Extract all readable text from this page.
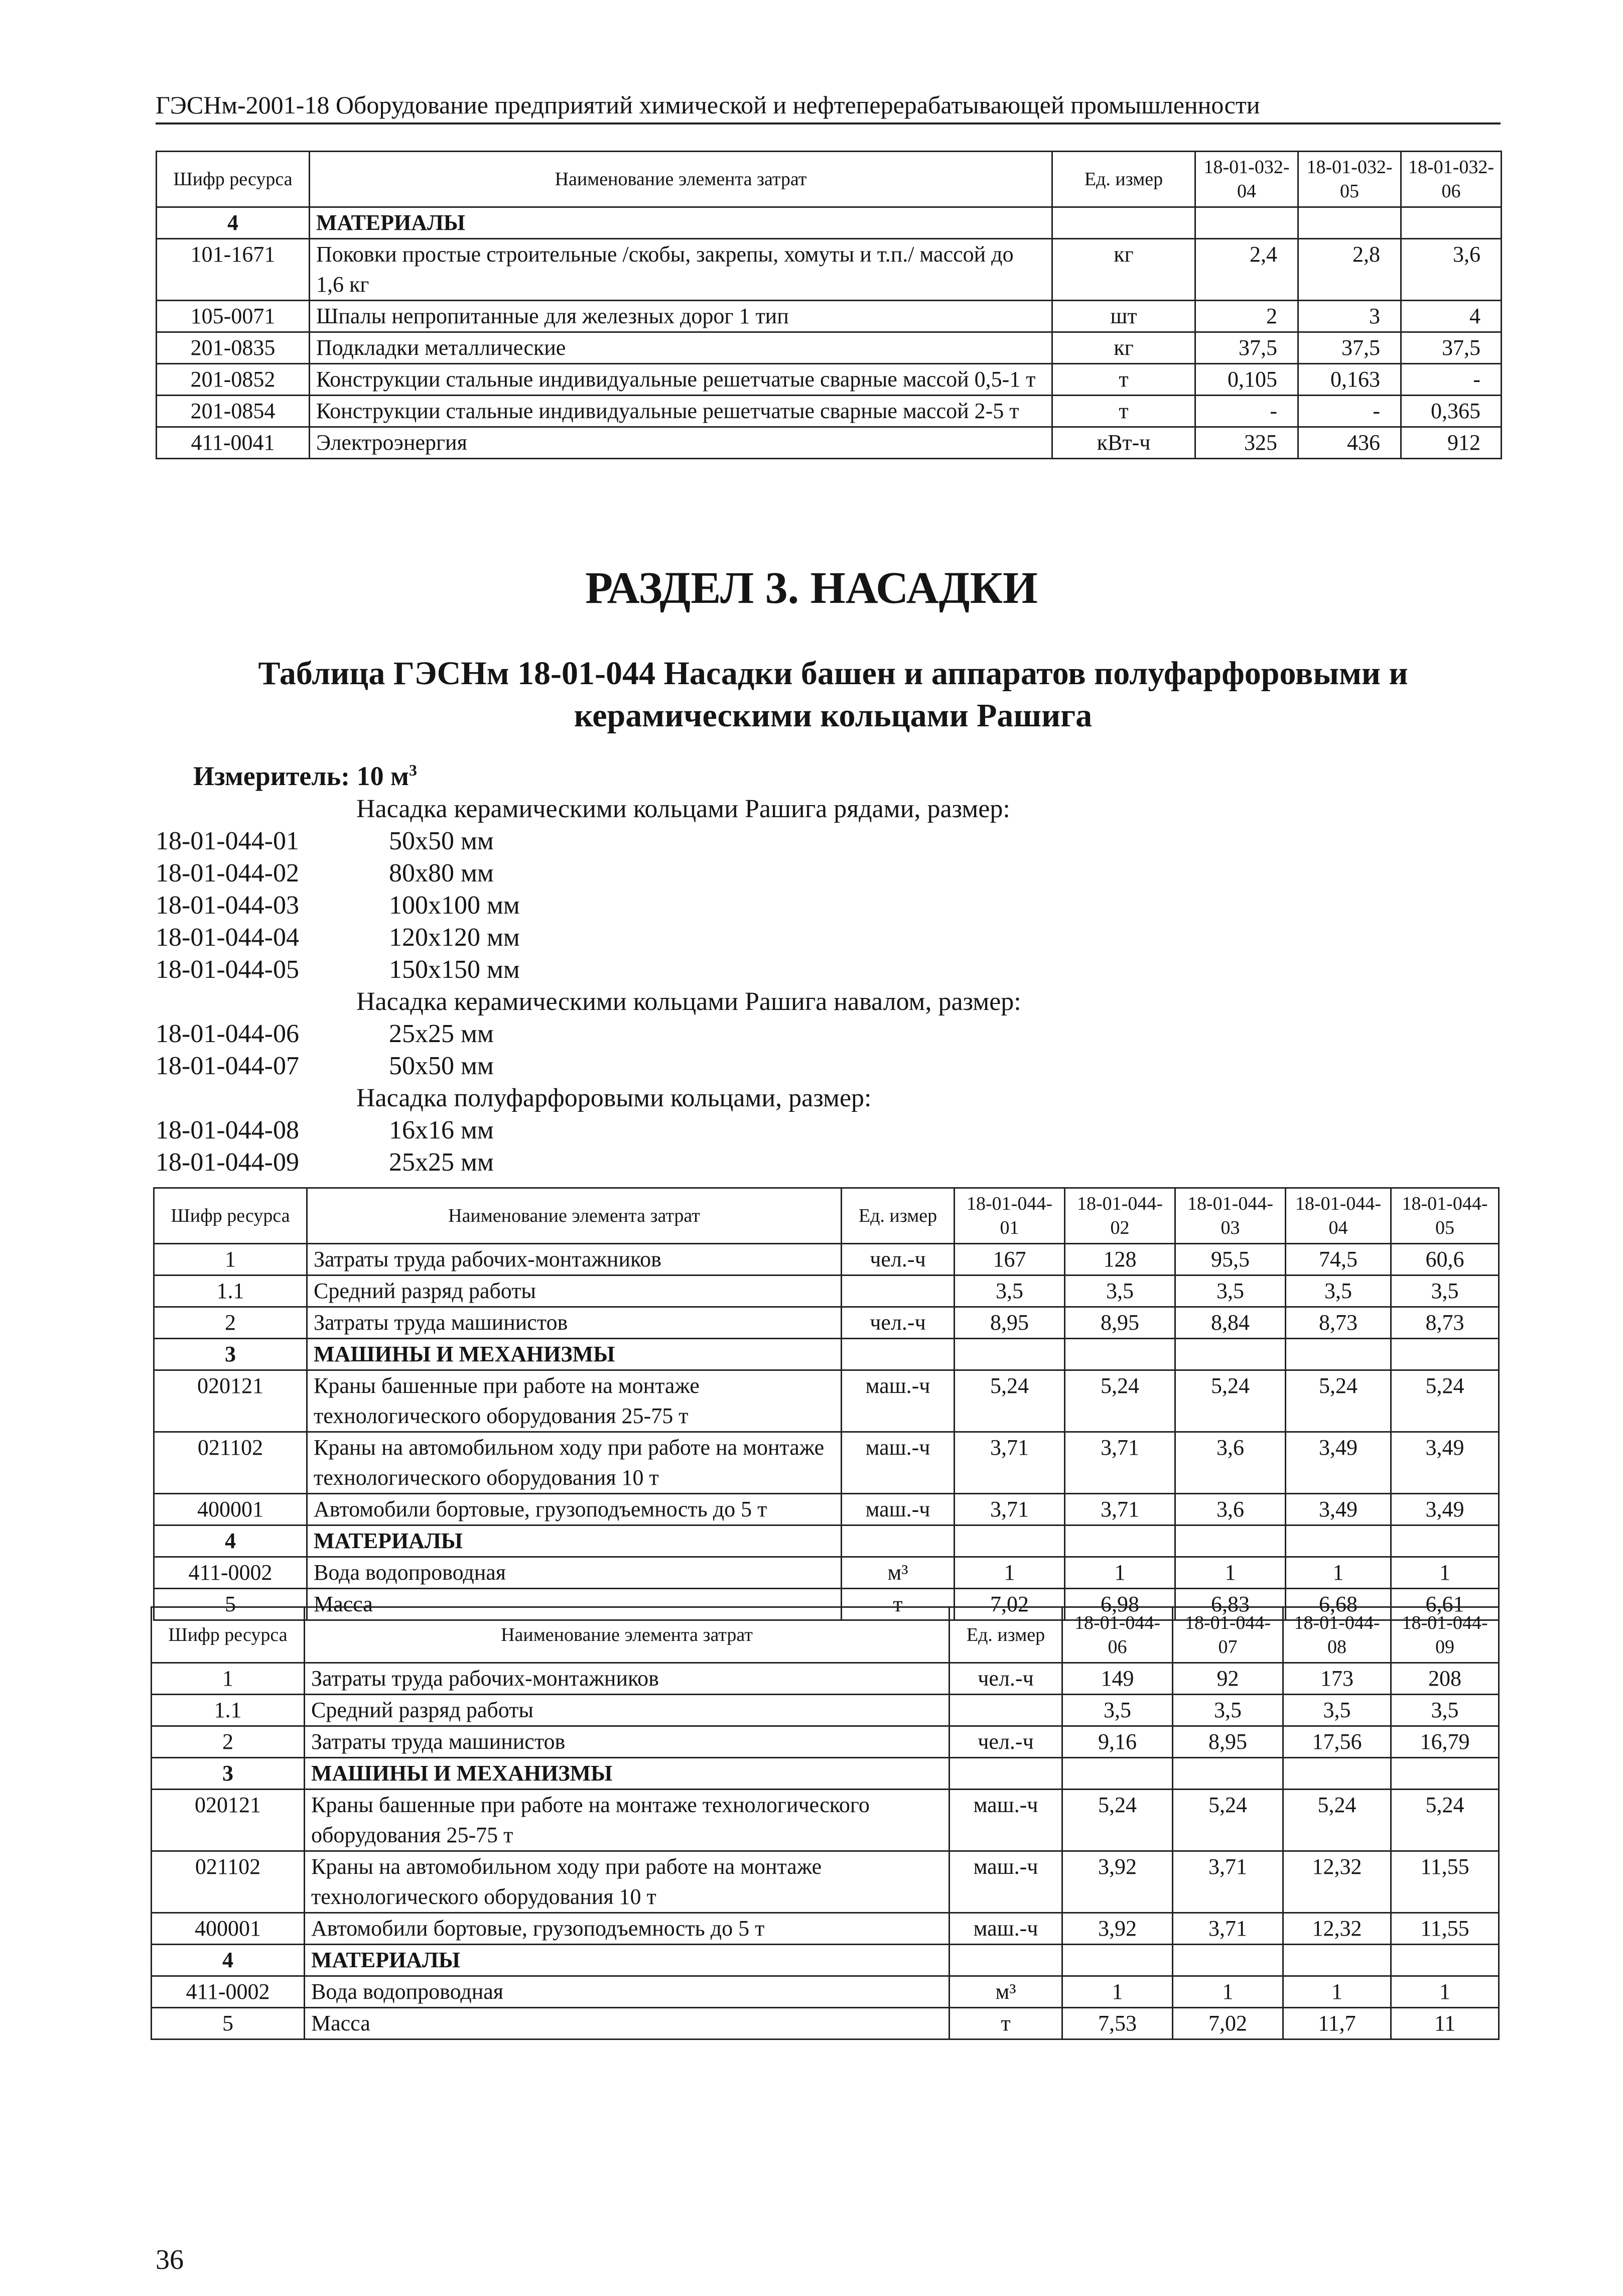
ГЭСНм-2001-18 Оборудование предприятий химической и нефтеперерабатывающей промышленности
Шифр ресурса	Наименование элемента затрат	Ед. измер	18-01-032-04	18-01-032-05	18-01-032-06
4	МАТЕРИАЛЫ				
101-1671	Поковки простые строительные /скобы, закрепы, хомуты и т.п./ массой до 1,6 кг	кг	2,4	2,8	3,6
105-0071	Шпалы непропитанные для железных дорог 1 тип	шт	2	3	4
201-0835	Подкладки металлические	кг	37,5	37,5	37,5
201-0852	Конструкции стальные индивидуальные решетчатые сварные массой 0,5-1 т	т	0,105	0,163	-
201-0854	Конструкции стальные индивидуальные решетчатые сварные массой 2-5 т	т	-	-	0,365
411-0041	Электроэнергия	кВт-ч	325	436	912
РАЗДЕЛ 3. НАСАДКИ
Таблица ГЭСНм 18-01-044 Насадки башен и аппаратов полуфарфоровыми и керамическими кольцами Рашига
Измеритель: 10 $м^3$
Насадка керамическими кольцами Рашига рядами, размер:
18-01-044-01	50х50 мм
18-01-044-02	80х80 мм
18-01-044-03	100х100 мм
18-01-044-04	120х120 мм
18-01-044-05	150х150 мм
Насадка керамическими кольцами Рашига навалом, размер:
18-01-044-06	25х25 мм
18-01-044-07	50х50 мм
Насадка полуфарфоровыми кольцами, размер:
18-01-044-08	16х16 мм
18-01-044-09	25х25 мм
Шифр ресурса	Наименование элемента затрат	Ед. измер	18-01-044-01	18-01-044-02	18-01-044-03	18-01-044-04	18-01-044-05
1	Затраты труда рабочих-монтажников	чел.-ч	167	128	95,5	74,5	60,6
1.1	Средний разряд работы		3,5	3,5	3,5	3,5	3,5
2	Затраты труда машинистов	чел.-ч	8,95	8,95	8,84	8,73	8,73
3	МАШИНЫ И МЕХАНИЗМЫ						
020121	Краны башенные при работе на монтаже технологического оборудования 25-75 т	маш.-ч	5,24	5,24	5,24	5,24	5,24
021102	Краны на автомобильном ходу при работе на монтаже технологического оборудования 10 т	маш.-ч	3,71	3,71	3,6	3,49	3,49
400001	Автомобили бортовые, грузоподъемность до 5 т	маш.-ч	3,71	3,71	3,6	3,49	3,49
4	МАТЕРИАЛЫ						
411-0002	Вода водопроводная	м³	1	1	1	1	1
5	Масса	т	7,02	6,98	6,83	6,68	6,61
Шифр ресурса	Наименование элемента затрат	Ед. измер	18-01-044-06	18-01-044-07	18-01-044-08	18-01-044-09
1	Затраты труда рабочих-монтажников	чел.-ч	149	92	173	208
1.1	Средний разряд работы		3,5	3,5	3,5	3,5
2	Затраты труда машинистов	чел.-ч	9,16	8,95	17,56	16,79
3	МАШИНЫ И МЕХАНИЗМЫ					
020121	Краны башенные при работе на монтаже технологического оборудования 25-75 т	маш.-ч	5,24	5,24	5,24	5,24
021102	Краны на автомобильном ходу при работе на монтаже технологического оборудования 10 т	маш.-ч	3,92	3,71	12,32	11,55
400001	Автомобили бортовые, грузоподъемность до 5 т	маш.-ч	3,92	3,71	12,32	11,55
4	МАТЕРИАЛЫ					
411-0002	Вода водопроводная	м³	1	1	1	1
5	Масса	т	7,53	7,02	11,7	11
36
